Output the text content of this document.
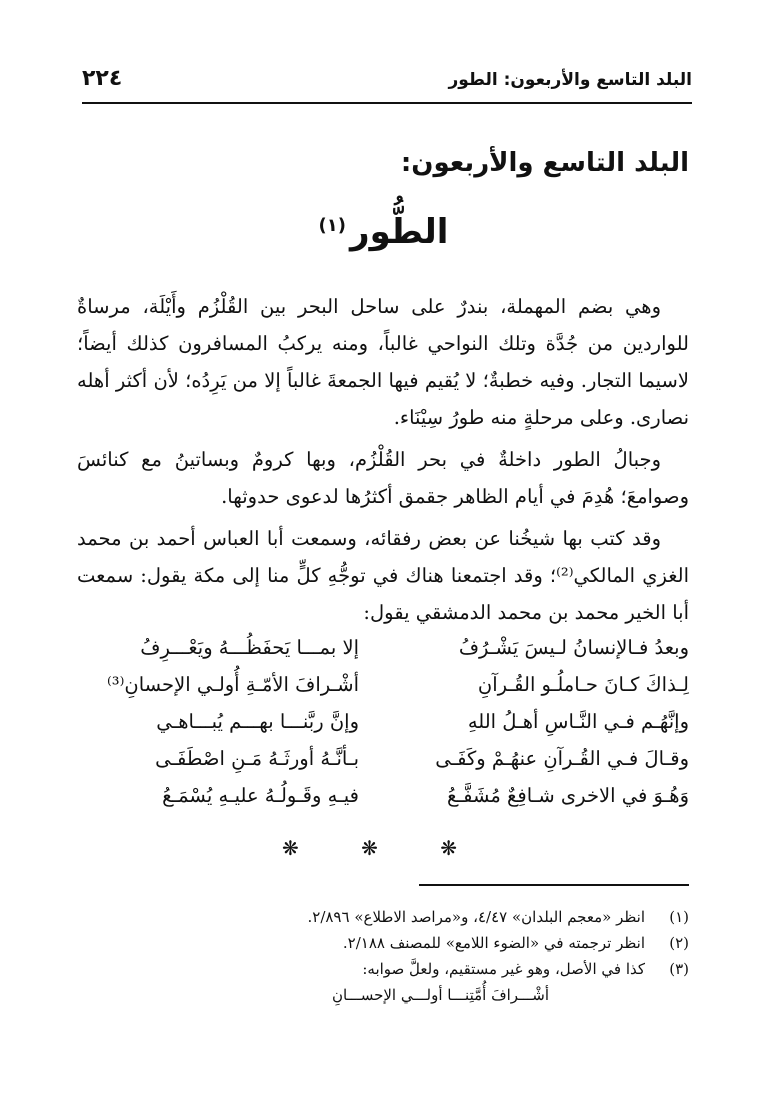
البلد التاسع والأربعون: الطور
٢٢٤
البلد التاسع والأربعون:
الطُّور$^{(١)}$

وهي بضم المهملة، بندرٌ على ساحل البحر بين القُلْزُم وأَيْلَة، مرساةٌ للواردين من جُدَّة وتلك النواحي غالباً، ومنه يركبُ المسافرون كذلك أيضاً؛ لاسيما التجار. وفيه خطبةٌ؛ لا يُقيم فيها الجمعةَ غالباً إلا من يَرِدُه؛ لأن أكثر أهله نصارى. وعلى مرحلةٍ منه طورُ سِيْنَاء.

وجبالُ الطور داخلةٌ في بحر القُلْزُم، وبها كرومٌ وبساتينُ مع كنائسَ وصوامعَ؛ هُدِمَ في أيام الظاهر جقمق أكثرُها لدعوى حدوثها.

وقد كتب بها شيخُنا عن بعض رفقائه، وسمعت أبا العباس أحمد بن محمد الغزي المالكي⁽²⁾؛ وقد اجتمعنا هناك في توجُّهِ كلٍّ منا إلى مكة يقول: سمعت أبا الخير محمد بن محمد الدمشقي يقول:

وبعدُ فـالإنسانُ لـيسَ يَشْـرُفُ
إلا بمـــا يَحفَظُـــهُ ويَعْـــرِفُ
لِـذاكَ كـانَ حـاملُـو القُـرآنِ
أشْـرافَ الأمّـةِ أُولـي الإحسانِ⁽³⁾
وإنَّهُـم فـي النَّـاسِ أهـلُ اللهِ
وإنَّ ربَّنـــا بهـــم يُبـــاهـي
وقـالَ فـي القُـرآنِ عنهُـمْ وكَفَـى
بـأنَّـهُ أورثَـهُ مَـنِ اصْطَفَـى
وَهُـوَ في الاخرى شـافِعٌ مُشَفَّـعُ
فيـهِ وقَـولُـهُ عليـهِ يُسْمَـعُ
❋ ❋ ❋
(١)
انظر «معجم البلدان» ٤/٤٧، و«مراصد الاطلاع» ٢/٨٩٦.
(٢)
انظر ترجمته في «الضوء اللامع» للمصنف ٢/١٨٨.
(٣)
كذا في الأصل، وهو غير مستقيم، ولعلَّ صوابه:
أشْـــرافَ أُمَّتِنـــا أولـــي الإحســـانِ
